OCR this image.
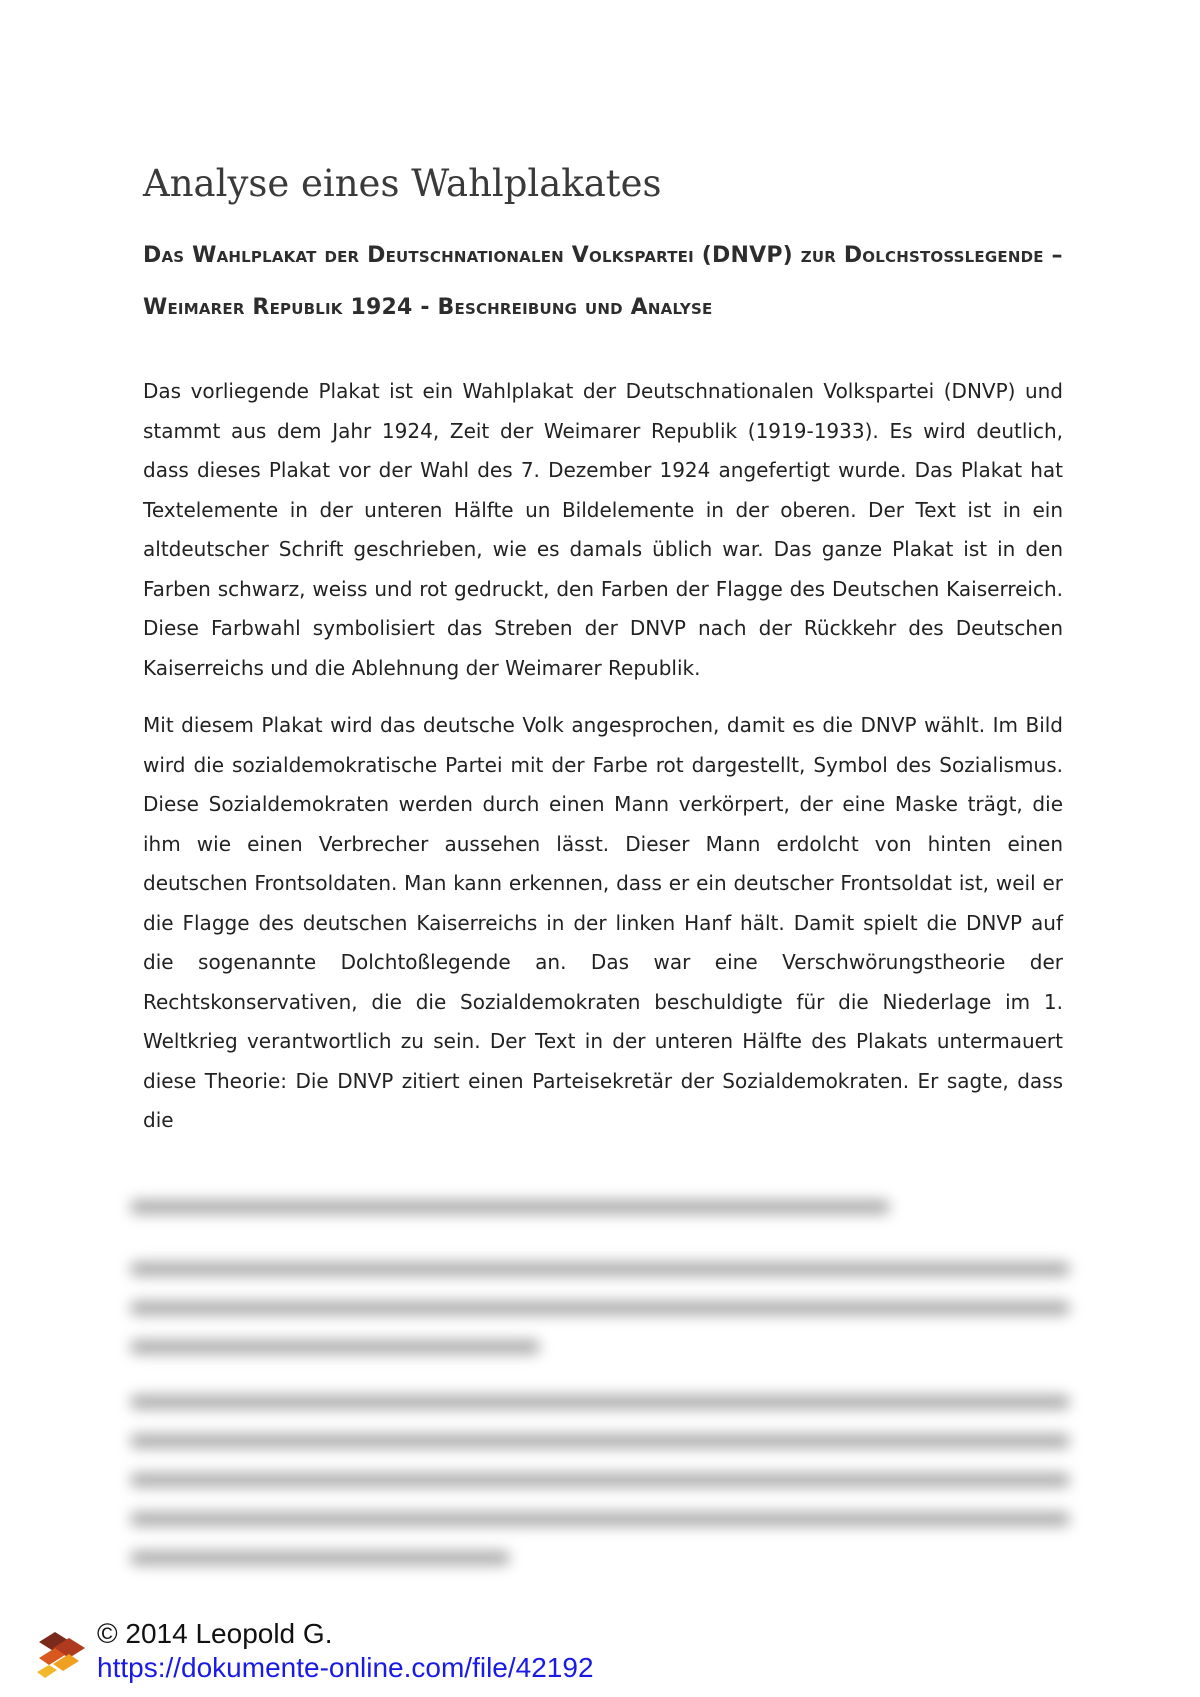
Analyse eines Wahlplakates
Das Wahlplakat der Deutschnationalen Volkspartei (DNVP) zur Dolchstosslegende – Weimarer Republik 1924 - Beschreibung und Analyse

Das vorliegende Plakat ist ein Wahlplakat der Deutschnationalen Volkspartei (DNVP) und stammt aus dem Jahr 1924, Zeit der Weimarer Republik (1919-1933). Es wird deutlich, dass dieses Plakat vor der Wahl des 7. Dezember 1924 angefertigt wurde. Das Plakat hat Textelemente in der unteren Hälfte un Bildelemente in der oberen. Der Text ist in ein altdeutscher Schrift geschrieben, wie es damals üblich war. Das ganze Plakat ist in den Farben schwarz, weiss und rot gedruckt, den Farben der Flagge des Deutschen Kaiserreich. Diese Farbwahl symbolisiert das Streben der DNVP nach der Rückkehr des Deutschen Kaiserreichs und die Ablehnung der Weimarer Republik.

Mit diesem Plakat wird das deutsche Volk angesprochen, damit es die DNVP wählt. Im Bild wird die sozialdemokratische Partei mit der Farbe rot dargestellt, Symbol des Sozialismus. Diese Sozialdemokraten werden durch einen Mann verkörpert, der eine Maske trägt, die ihm wie einen Verbrecher aussehen lässt. Dieser Mann erdolcht von hinten einen deutschen Frontsoldaten. Man kann erkennen, dass er ein deutscher Frontsoldat ist, weil er die Flagge des deutschen Kaiserreichs in der linken Hanf hält. Damit spielt die DNVP auf die sogenannte Dolchtoßlegende an. Das war eine Verschwörungstheorie der Rechtskonservativen, die die Sozialdemokraten beschuldigte für die Niederlage im 1. Weltkrieg verantwortlich zu sein. Der Text in der unteren Hälfte des Plakats untermauert diese Theorie: Die DNVP zitiert einen Parteisekretär der Sozialdemokraten. Er sagte, dass die

© 2014 Leopold G.

https://dokumente-online.com/file/42192
